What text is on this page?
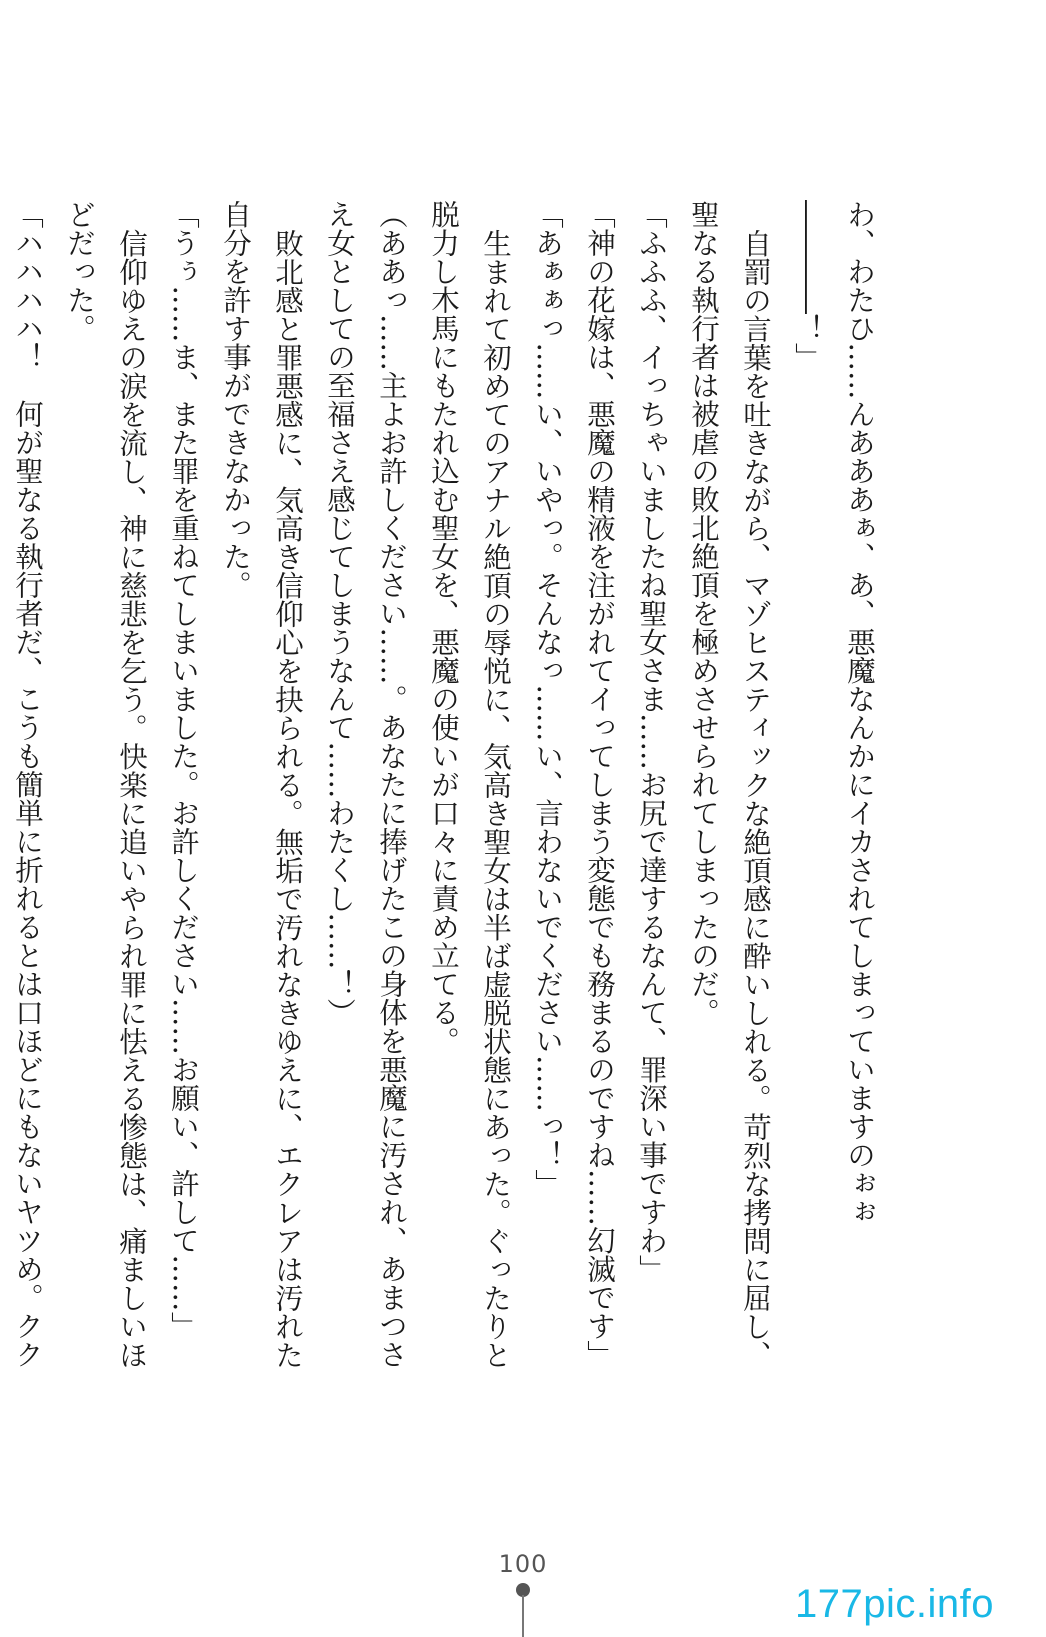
わ、わたひ……んあああぁ、あ、悪魔なんかにイカされてしまっていますのぉぉ――――！」

自罰の言葉を吐きながら、マゾヒスティックな絶頂感に酔いしれる。苛烈な拷問に屈し、聖なる執行者は被虐の敗北絶頂を極めさせられてしまったのだ。

「ふふふ、イっちゃいましたね聖女さま……お尻で達するなんて、罪深い事ですわ」

「神の花嫁は、悪魔の精液を注がれてイってしまう変態でも務まるのですね……幻滅です」

「あぁぁっ……い、いやっ。そんなっ……い、言わないでください……っ！」

生まれて初めてのアナル絶頂の辱悦に、気高き聖女は半ば虚脱状態にあった。ぐったりと脱力し木馬にもたれ込む聖女を、悪魔の使いが口々に責め立てる。

（ああっ……主よお許しください……。あなたに捧げたこの身体を悪魔に汚され、あまつさえ女としての至福さえ感じてしまうなんて……わたくし……！）

敗北感と罪悪感に、気高き信仰心を抉られる。無垢で汚れなきゆえに、エクレアは汚れた自分を許す事ができなかった。

「うぅ……ま、また罪を重ねてしまいました。お許しください……お願い、許して……」

信仰ゆえの涙を流し、神に慈悲を乞う。快楽に追いやられ罪に怯える惨態は、痛ましいほどだった。

「ハハハハ！　何が聖なる執行者だ、こうも簡単に折れるとは口ほどにもないヤツめ。クク

100
177pic.info
